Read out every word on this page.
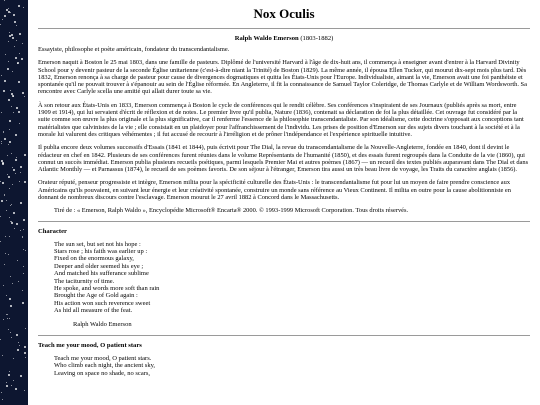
Nox Oculis
Ralph Waldo Emerson (1803-1882)

Essayiste, philosophe et poète américain, fondateur du transcendantalisme.

Emerson naquit à Boston le 25 mai 1803, dans une famille de pasteurs. Diplômé de l'université Harvard à l'âge de dix-huit ans, il commença à enseigner avant d'entrer à la Harvard Divinity School pour y devenir pasteur de la seconde Église unitarienne (c'est-à-dire niant la Trinité) de Boston (1829). La même année, il épousa Ellen Tucker, qui mourut dix-sept mois plus tard. Dès 1832, Emerson renonça à sa charge de pasteur pour cause de divergences dogmatiques et quitta les États-Unis pour l'Europe. Individualiste, aimant la vie, Emerson avait une foi panthéiste et spontanée qu'il ne pouvait trouver à s'épanouir au sein de l'Église réformée. En Angleterre, il fit la connaissance de Samuel Taylor Coleridge, de Thomas Carlyle et de William Wordsworth. Sa rencontre avec Carlyle scella une amitié qui allait durer toute sa vie.

À son retour aux États-Unis en 1833, Emerson commença à Boston le cycle de conférences qui le rendit célèbre. Ses conférences s'inspiraient de ses Journaux (publiés après sa mort, entre 1909 et 1914), qui lui servaient d'écrit de réflexion et de notes. Le premier livre qu'il publia, Nature (1836), contenait sa déclaration de foi la plus détaillée. Cet ouvrage fut considéré par la suite comme son œuvre la plus originale et la plus significative, car il renferme l'essence de la philosophie transcendantaliste. Par son idéalisme, cette doctrine s'opposait aux conceptions tant matérialistes que calvinistes de la vie ; elle consistait en un plaidoyer pour l'affranchissement de l'individu. Les prises de position d'Emerson sur des sujets divers touchant à la société et à la morale lui valurent des critiques véhémentes ; il fut accusé de recourir à l'irréligion et de prôner l'indépendance et l'expérience spirituelle intuitive.

Il publia encore deux volumes successifs d'Essais (1841 et 1844), puis écrivit pour The Dial, la revue du transcendantalisme de la Nouvelle-Angleterre, fondée en 1840, dont il devint le rédacteur en chef en 1842. Plusieurs de ses conférences furent réunies dans le volume Représentants de l'humanité (1850), et des essais furent regroupés dans la Conduite de la vie (1860), qui connut un succès immédiat. Emerson publia plusieurs recueils poétiques, parmi lesquels Premier Mai et autres poèmes (1867) — un recueil des textes publiés auparavant dans The Dial et dans Atlantic Monthly — et Parnassus (1874), le recueil de ses poèmes favoris. De son séjour à l'étranger, Emerson tira aussi un très beau livre de voyage, les Traits du caractère anglais (1856).

Orateur réputé, penseur progressiste et intègre, Emerson milita pour la spécificité culturelle des États-Unis : le transcendantalisme fut pour lui un moyen de faire prendre conscience aux Américains qu'ils pouvaient, en suivant leur énergie et leur créativité spontanée, construire un monde sans référence au Vieux Continent. Il milita en outre pour la cause abolitionniste en donnant de nombreux discours contre l'esclavage. Emerson mourut le 27 avril 1882 à Concord dans le Massachusetts.

Tiré de : « Emerson, Ralph Waldo », Encyclopédie Microsoft® Encarta® 2000. © 1993-1999 Microsoft Corporation. Tous droits réservés.

Character
The sun set, but set not his hope :
Stars rose ; his faith was earlier up :
Fixed on the enormous galaxy,
Deeper and older seemed his eye ;
And matched his sufferance sublime
The taciturnity of time.
He spoke, and words more soft than rain
Brought the Age of Gold again :
His action won such reverence sweet
As hid all measure of the feat.
Ralph Waldo Emerson
Teach me your mood, O patient stars
Teach me your mood, O patient stars.
Who climb each night, the ancient sky,
Leaving on space no shade, no scars,
